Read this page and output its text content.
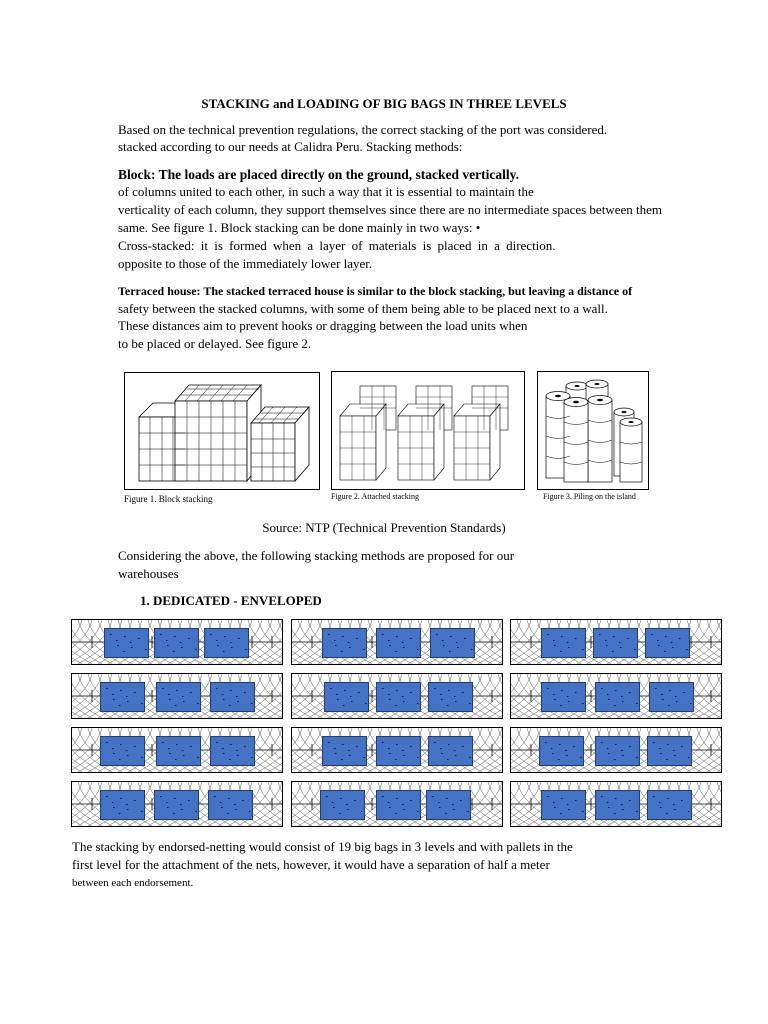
STACKING and LOADING OF BIG BAGS IN THREE LEVELS
Based on the technical prevention regulations, the correct stacking of the port was considered.
stacked according to our needs at Calidra Peru. Stacking methods:
Block: The loads are placed directly on the ground, stacked vertically.
of columns united to each other, in such a way that it is essential to maintain the
verticality of each column, they support themselves since there are no intermediate spaces between them
same. See figure 1. Block stacking can be done mainly in two ways: •
Cross-stacked: it is formed when a layer of materials is placed in a direction.
opposite to those of the immediately lower layer.
Terraced house: The stacked terraced house is similar to the block stacking, but leaving a distance of
safety between the stacked columns, with some of them being able to be placed next to a wall.
These distances aim to prevent hooks or dragging between the load units when
to be placed or delayed. See figure 2.
Figure 1. Block stacking	Figure 2. Attached stacking	Figure 3. Piling on the island
Source: NTP (Technical Prevention Standards)
Considering the above, the following stacking methods are proposed for our
warehouses
1. DEDICATED - ENVELOPED
The stacking by endorsed-netting would consist of 19 big bags in 3 levels and with pallets in the
first level for the attachment of the nets, however, it would have a separation of half a meter
between each endorsement.
